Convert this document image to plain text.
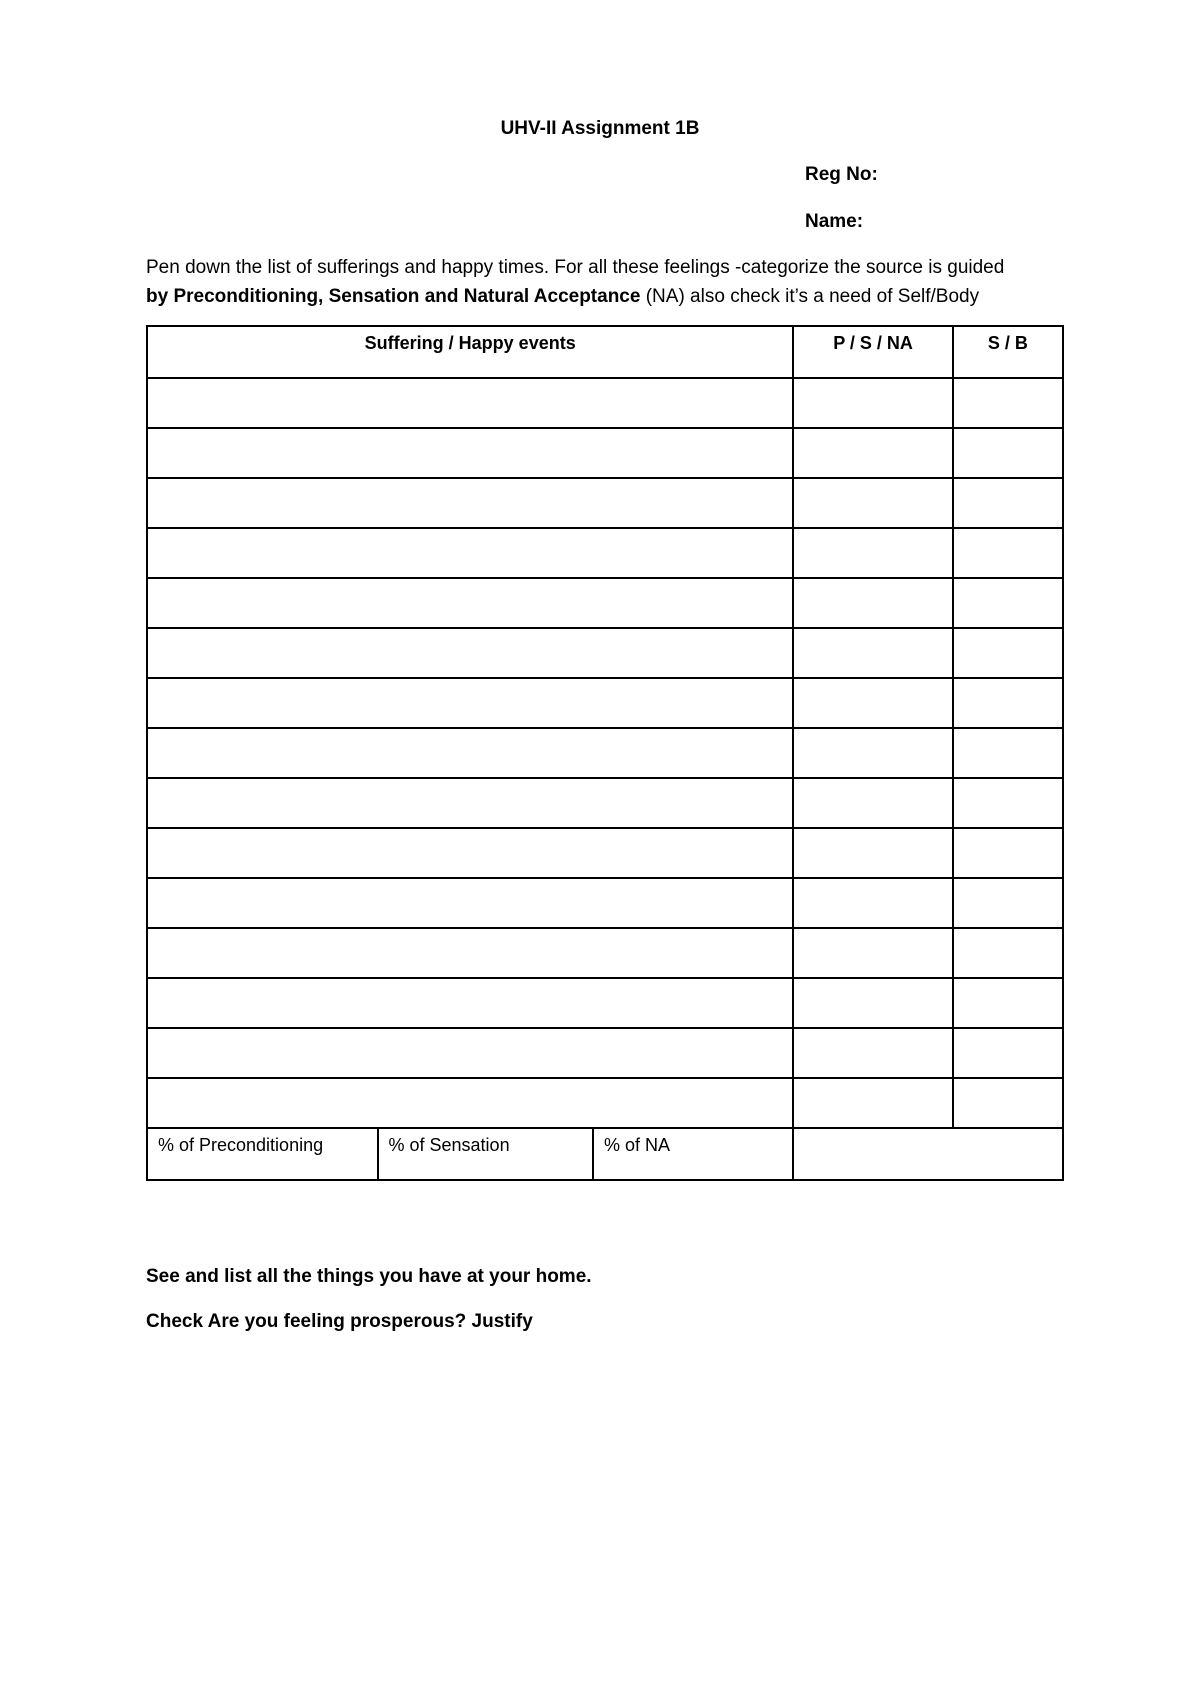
UHV-II Assignment 1B
Reg No:
Name:
Pen down the list of sufferings and happy times. For all these feelings -categorize the source is guided
by Preconditioning, Sensation and Natural Acceptance (NA) also check it’s a need of Self/Body
Suffering / Happy events			P / S / NA	S / B

% of Preconditioning	% of Sensation	% of NA		
See and list all the things you have at your home.
Check Are you feeling prosperous? Justify
